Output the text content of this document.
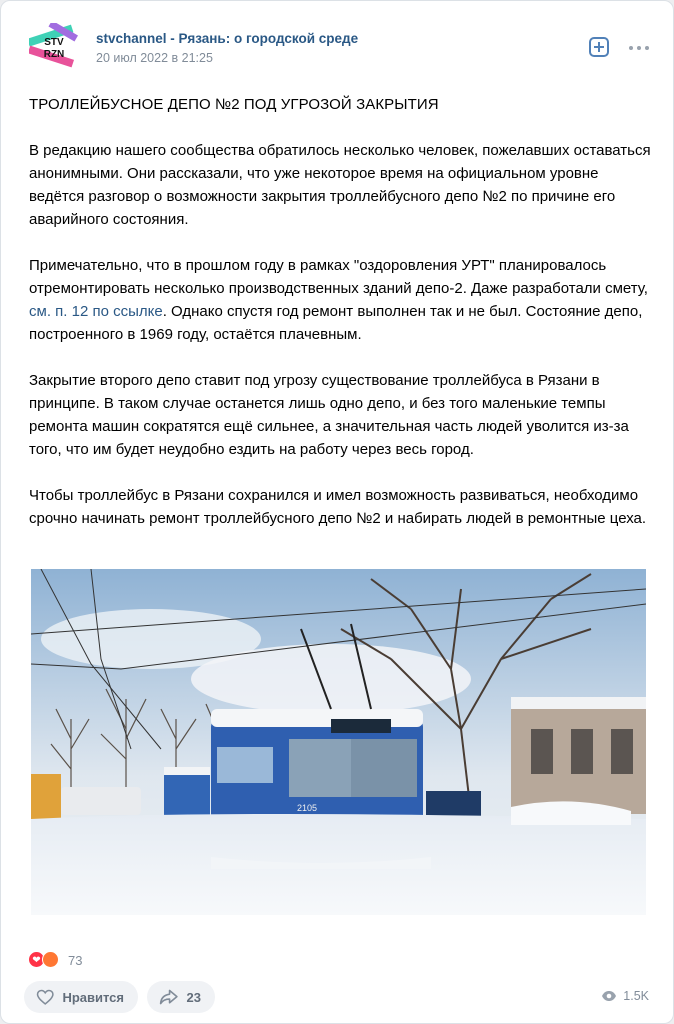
STV
RZN
stvchannel - Рязань: о городской среде
20 июл 2022 в 21:25
ТРОЛЛЕЙБУСНОЕ ДЕПО №2 ПОД УГРОЗОЙ ЗАКРЫТИЯ
В редакцию нашего сообщества обратилось несколько человек, пожелавших оставаться анонимными. Они рассказали, что уже некоторое время на официальном уровне ведётся разговор о возможности закрытия троллейбусного депо №2 по причине его аварийного состояния.
Примечательно, что в прошлом году в рамках "оздоровления УРТ" планировалось отремонтировать несколько производственных зданий депо-2. Даже разработали смету, см. п. 12 по ссылке. Однако спустя год ремонт выполнен так и не был. Состояние депо, построенного в 1969 году, остаётся плачевным.
Закрытие второго депо ставит под угрозу существование троллейбуса в Рязани в принципе. В таком случае останется лишь одно депо, и без того маленькие темпы ремонта машин сократятся ещё сильнее, а значительная часть людей уволится из-за того, что им будет неудобно ездить на работу через весь город.
Чтобы троллейбус в Рязани сохранился и имел возможность развиваться, необходимо срочно начинать ремонт троллейбусного депо №2 и набирать людей в ремонтные цеха.
2105
❤	73
Нравится	23	1.5K
